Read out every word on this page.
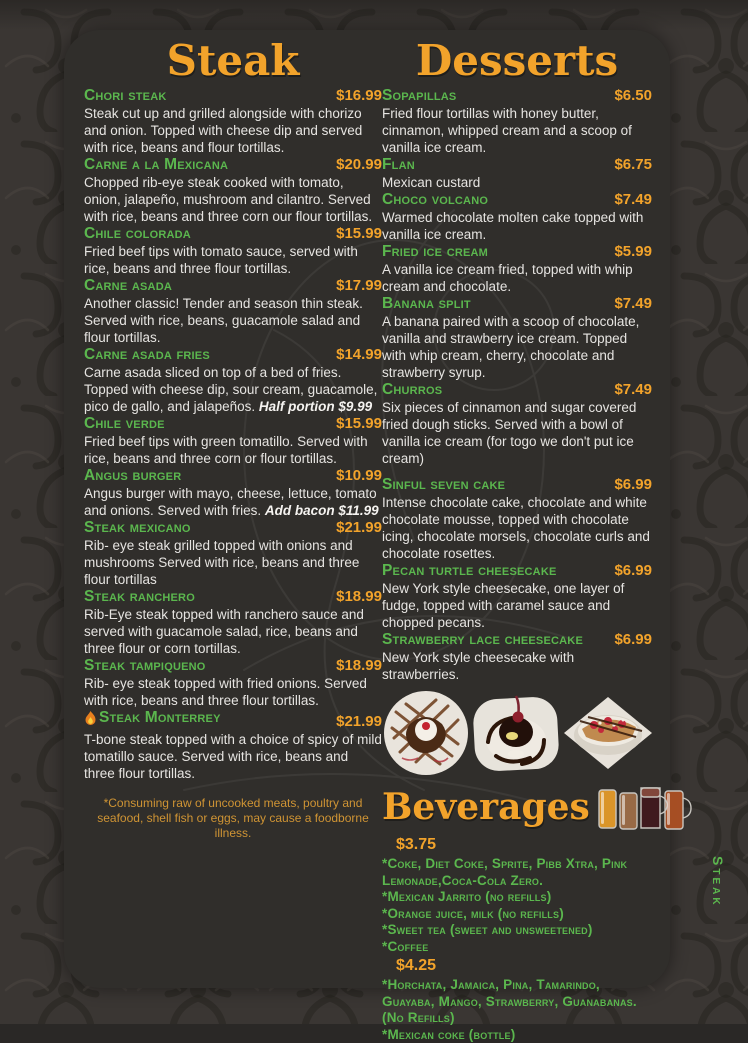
Steak
Chori steak	$16.99

Steak cut up and grilled alongside with chorizo and onion. Topped with cheese dip and served with rice, beans and flour tortillas.

Carne a la Mexicana	$20.99

Chopped rib-eye steak cooked with tomato, onion, jalapeño, mushroom and cilantro. Served with rice, beans and three corn our flour tortillas.

Chile colorada	$15.99

Fried beef tips with tomato sauce, served with rice, beans and three flour tortillas.

Carne asada	$17.99

Another classic! Tender and season thin steak. Served with rice, beans, guacamole salad and flour tortillas.

Carne asada fries	$14.99

Carne asada sliced on top of a bed of fries. Topped with cheese dip, sour cream, guacamole, pico de gallo, and jalapeños. Half portion $9.99

Chile verde	$15.99

Fried beef tips with green tomatillo. Served with rice, beans and three corn or flour tortillas.

Angus burger	$10.99

Angus burger with mayo, cheese, lettuce, tomato and onions. Served with fries. Add bacon $11.99

Steak mexicano	$21.99

Rib- eye steak grilled topped with onions and mushrooms Served with rice, beans and three flour tortillas

Steak ranchero	$18.99

Rib-Eye steak topped with ranchero sauce and served with guacamole salad, rice, beans and three flour or corn tortillas.

Steak tampiqueno	$18.99

Rib- eye steak topped with fried onions. Served with rice, beans and three flour tortillas.

Steak Monterrey	$21.99

T-bone steak topped with a choice of spicy of mild tomatillo sauce. Served with rice, beans and three flour tortillas.

*Consuming raw of uncooked meats, poultry and seafood, shell fish or eggs, may cause a foodborne illness.

Desserts
Sopapillas	$6.50

Fried flour tortillas with honey butter, cinnamon, whipped cream and a scoop of vanilla ice cream.

Flan	$6.75

Mexican custard

Choco volcano	$7.49

Warmed chocolate molten cake topped with vanilla ice cream.

Fried ice cream	$5.99

A vanilla ice cream fried, topped with whip cream and chocolate.

Banana split	$7.49

A banana paired with a scoop of chocolate, vanilla and strawberry ice cream. Topped with whip cream, cherry, chocolate and strawberry syrup.

Churros	$7.49

Six pieces of cinnamon and sugar covered fried dough sticks. Served with a bowl of vanilla ice cream (for togo we don't put ice cream)

Sinful seven cake	$6.99

Intense chocolate cake, chocolate and white chocolate mousse, topped with chocolate icing, chocolate morsels, chocolate curls and chocolate rosettes.

Pecan turtle cheesecake	$6.99

New York style cheesecake, one layer of fudge, topped with caramel sauce and chopped pecans.

Strawberry lace cheesecake $6.99

New York style cheesecake with strawberries.

Beverages
$3.75

*Coke, Diet Coke, Sprite, Pibb Xtra, Pink Lemonade,Coca-Cola Zero.

*Mexican Jarrito (no refills)

*Orange juice, milk (no refills)

*Sweet tea (sweet and unsweetened)

*Coffee

$4.25

*Horchata, Jamaica, Pina, Tamarindo, Guayaba, Mango, Strawberry, Guanabanas. (No Refills)

*Mexican coke (bottle)

Steak
